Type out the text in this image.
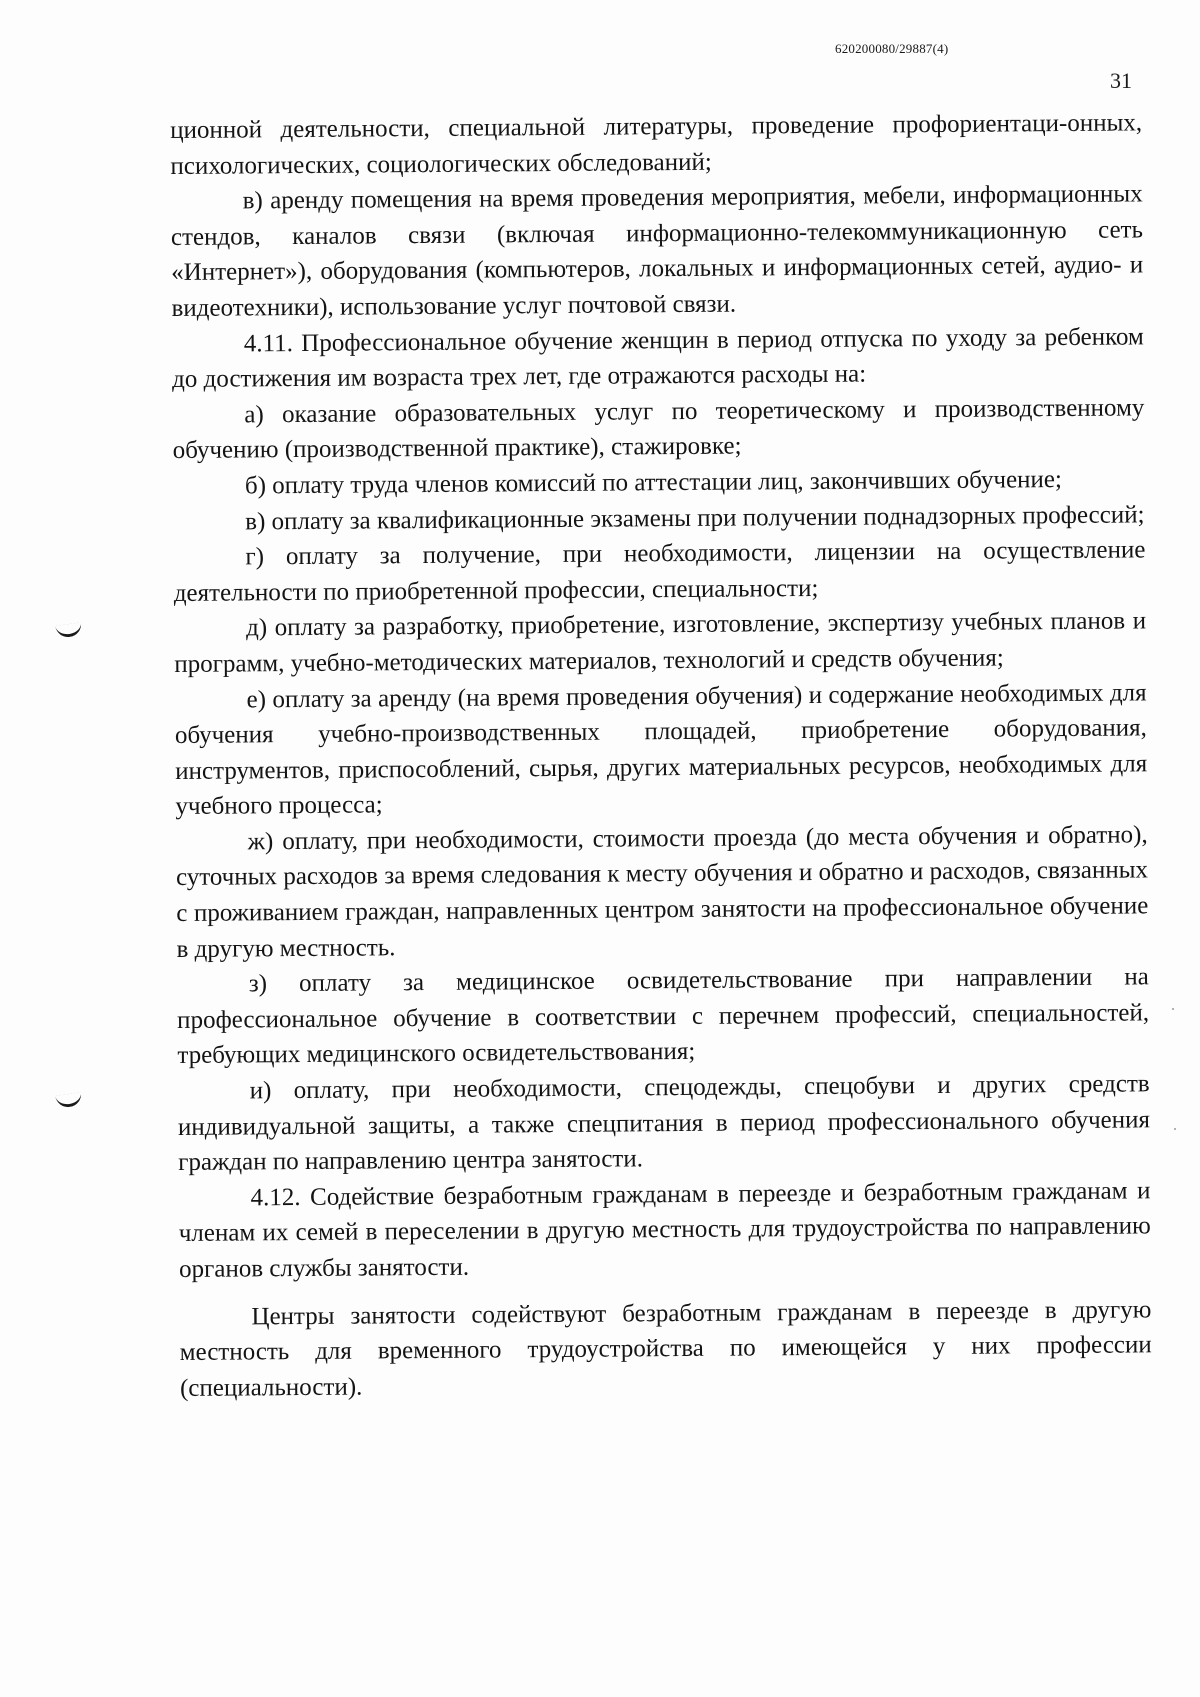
620200080/29887(4)
31

ционной деятельности, специальной литературы, проведение профориентаци-онных, психологических, социологических обследований;

в) аренду помещения на время проведения мероприятия, мебели, информационных стендов, каналов связи (включая информационно-телекоммуникационную сеть «Интернет»), оборудования (компьютеров, локальных и информационных сетей, аудио- и видеотехники), использование услуг почтовой связи.

4.11. Профессиональное обучение женщин в период отпуска по уходу за ребенком до достижения им возраста трех лет, где отражаются расходы на:

а) оказание образовательных услуг по теоретическому и производственному обучению (производственной практике), стажировке;

б) оплату труда членов комиссий по аттестации лиц, закончивших обучение;

в) оплату за квалификационные экзамены при получении поднадзорных профессий;

г) оплату за получение, при необходимости, лицензии на осуществление деятельности по приобретенной профессии, специальности;

д) оплату за разработку, приобретение, изготовление, экспертизу учебных планов и программ, учебно-методических материалов, технологий и средств обучения;

е) оплату за аренду (на время проведения обучения) и содержание необходимых для обучения учебно-производственных площадей, приобретение оборудования, инструментов, приспособлений, сырья, других материальных ресурсов, необходимых для учебного процесса;

ж) оплату, при необходимости, стоимости проезда (до места обучения и обратно), суточных расходов за время следования к месту обучения и обратно и расходов, связанных с проживанием граждан, направленных центром занятости на профессиональное обучение в другую местность.

з) оплату за медицинское освидетельствование при направлении на профессиональное обучение в соответствии с перечнем профессий, специальностей, требующих медицинского освидетельствования;

и) оплату, при необходимости, спецодежды, спецобуви и других средств индивидуальной защиты, а также спецпитания в период профессионального обучения граждан по направлению центра занятости.

4.12. Содействие безработным гражданам в переезде и безработным гражданам и членам их семей в переселении в другую местность для трудоустройства по направлению органов службы занятости.

Центры занятости содействуют безработным гражданам в переезде в другую местность для временного трудоустройства по имеющейся у них профессии (специальности).
